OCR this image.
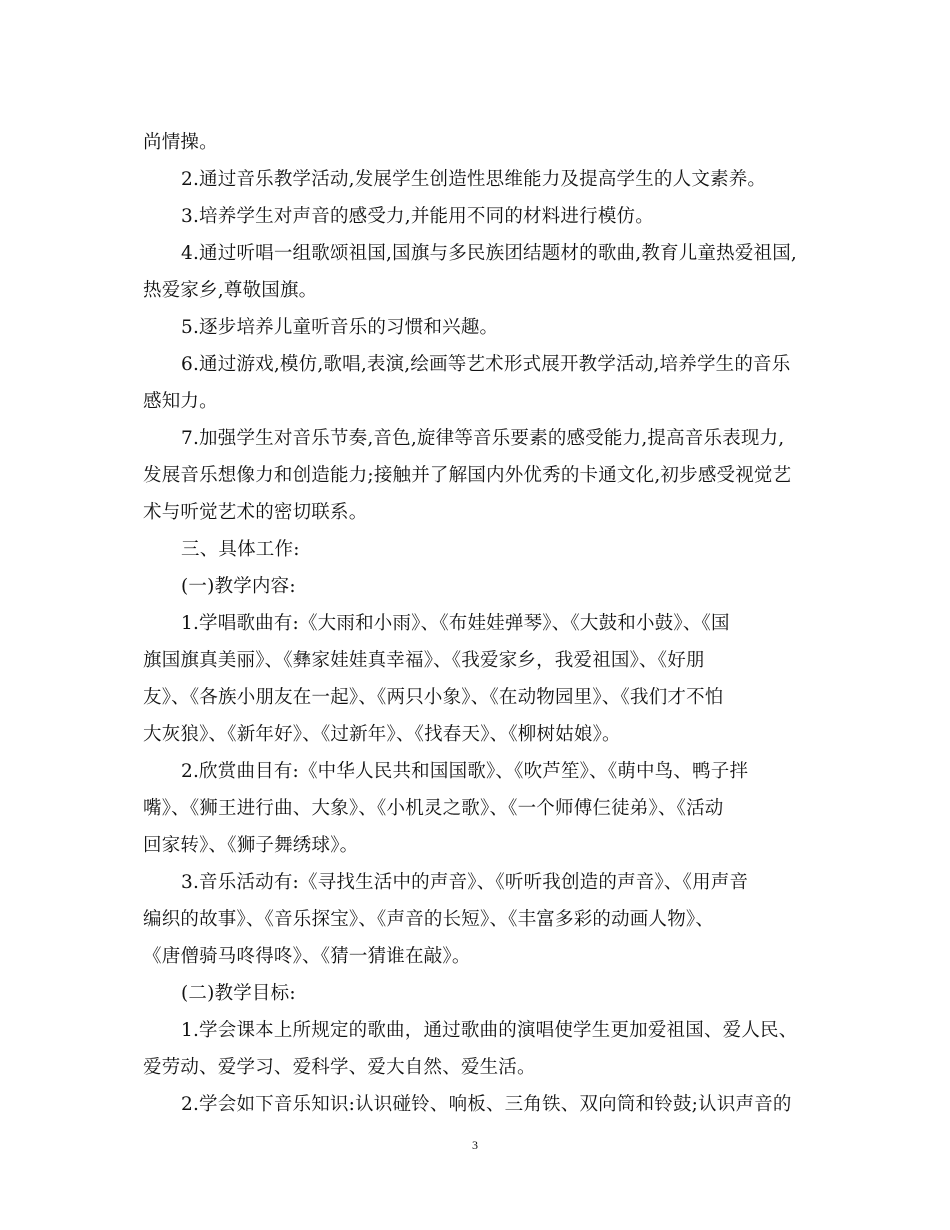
尚情操。
2.通过音乐教学活动,发展学生创造性思维能力及提高学生的人文素养。
3.培养学生对声音的感受力,并能用不同的材料进行模仿。
4.通过听唱一组歌颂祖国,国旗与多民族团结题材的歌曲,教育儿童热爱祖国,
热爱家乡,尊敬国旗。
5.逐步培养儿童听音乐的习惯和兴趣。
6.通过游戏,模仿,歌唱,表演,绘画等艺术形式展开教学活动,培养学生的音乐
感知力。
7.加强学生对音乐节奏,音色,旋律等音乐要素的感受能力,提高音乐表现力,
发展音乐想像力和创造能力;接触并了解国内外优秀的卡通文化,初步感受视觉艺
术与听觉艺术的密切联系。
三、具体工作:
(一)教学内容:
1.学唱歌曲有:《大雨和小雨》、《布娃娃弹琴》、《大鼓和小鼓》、《国
旗国旗真美丽》、《彝家娃娃真幸福》、《我爱家乡，我爱祖国》、《好朋
友》、《各族小朋友在一起》、《两只小象》、《在动物园里》、《我们才不怕
大灰狼》、《新年好》、《过新年》、《找春天》、《柳树姑娘》。
2.欣赏曲目有:《中华人民共和国国歌》、《吹芦笙》、《萌中鸟、鸭子拌
嘴》、《狮王进行曲、大象》、《小机灵之歌》、《一个师傅仨徒弟》、《活动
回家转》、《狮子舞绣球》。
3.音乐活动有:《寻找生活中的声音》、《听听我创造的声音》、《用声音
编织的故事》、《音乐探宝》、《声音的长短》、《丰富多彩的动画人物》、
《唐僧骑马咚得咚》、《猜一猜谁在敲》。
(二)教学目标:
1.学会课本上所规定的歌曲，通过歌曲的演唱使学生更加爱祖国、爱人民、
爱劳动、爱学习、爱科学、爱大自然、爱生活。
2.学会如下音乐知识:认识碰铃、响板、三角铁、双向筒和铃鼓;认识声音的
3
